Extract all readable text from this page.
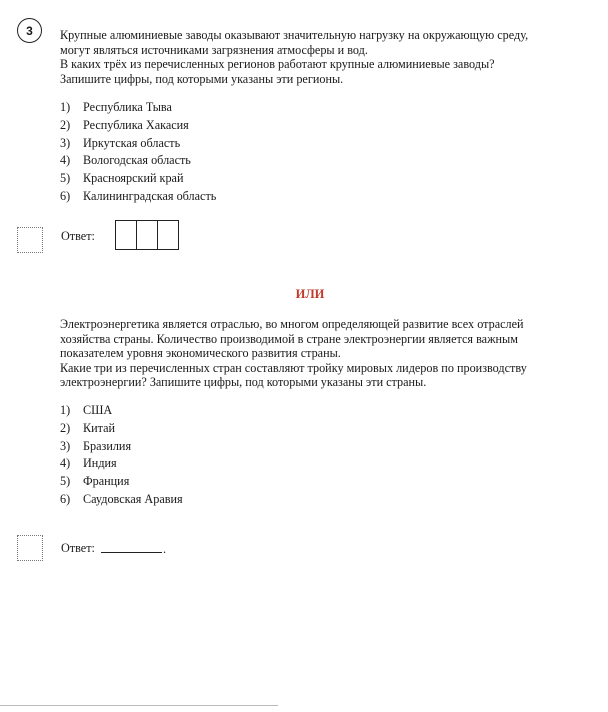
3 Крупные алюминиевые заводы оказывают значительную нагрузку на окружающую среду,

могут являться источниками загрязнения атмосферы и вод.

В каких трёх из перечисленных регионов работают крупные алюминиевые заводы?

Запишите цифры, под которыми указаны эти регионы.

1) Республика Тыва
2) Республика Хакасия
3) Иркутская область
4) Вологодская область
5) Красноярский край
6) Калининградская область
Ответ:
ИЛИ

Электроэнергетика является отраслью, во многом определяющей развитие всех отраслей

хозяйства страны. Количество производимой в стране электроэнергии является важным

показателем уровня экономического развития страны.

Какие три из перечисленных стран составляют тройку мировых лидеров по производству

электроэнергии? Запишите цифры, под которыми указаны эти страны.

1) США
2) Китай
3) Бразилия
4) Индия
5) Франция
6) Саудовская Аравия
Ответ:	.
